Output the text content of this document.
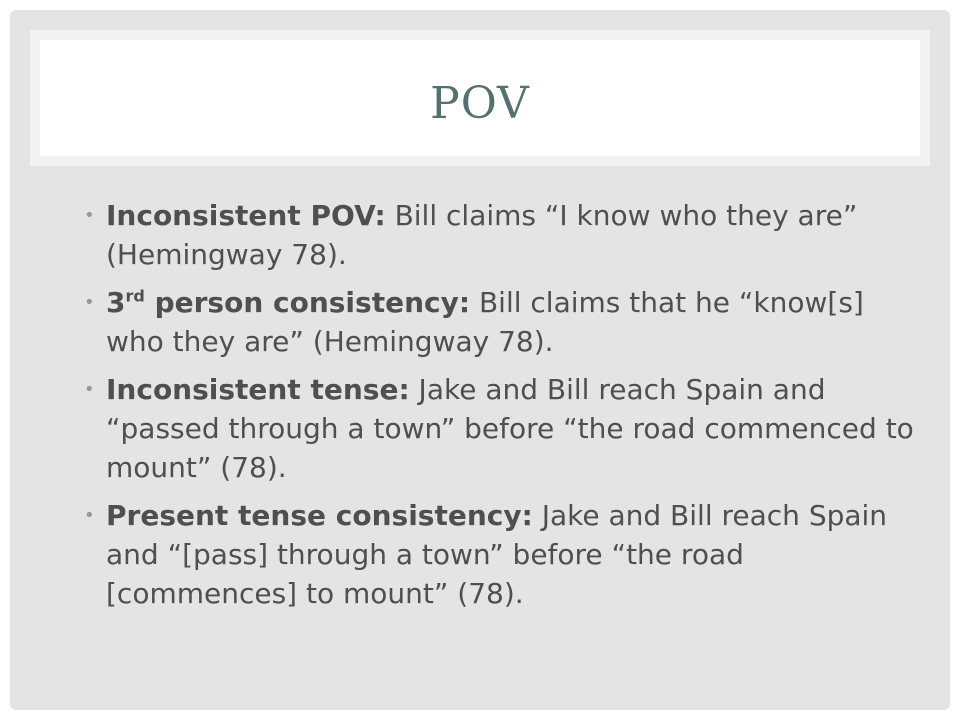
POV
• Inconsistent POV: Bill claims “I know who they are” (Hemingway 78).
• 3rd person consistency: Bill claims that he “know[s] who they are” (Hemingway 78).
• Inconsistent tense: Jake and Bill reach Spain and “passed through a town” before “the road commenced to mount” (78).
• Present tense consistency: Jake and Bill reach Spain and “[pass] through a town” before “the road [commences] to mount” (78).
